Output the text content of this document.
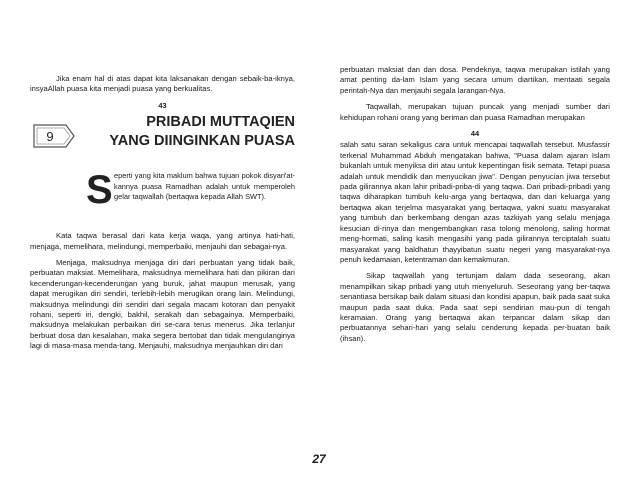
Jika enam hal di atas dapat kita laksanakan dengan sebaik-ba-iknya, insyaAllah puasa kita menjadi puasa yang berkualitas.

43
9
PRIBADI MUTTAQIEN
YANG DIINGINKAN PUASA
S eperti yang kita maklum bahwa tujuan pokok disyari'at-kannya puasa Ramadhan adalah untuk memperoleh gelar taqwallah (bertaqwa kepada Allah SWT).

Kata taqwa berasal dari kata kerja waqa, yang artinya hati-hati, menjaga, memelihara, melindungi, memperbaiki, menjauhi dan sebagai-nya.

Menjaga, maksudnya menjaga diri dari perbuatan yang tidak baik, perbuatan maksiat. Memelihara, maksudnya memelihara hati dan pikiran dari kecenderungan-kecenderungan yang buruk, jahat maupun merusak, yang dapat merugikan diri sendiri, terlebih-lebih merugikan orang lain. Melindungi, maksudnya melindungi diri sendiri dari segala macam kotoran dan penyakit rohani, seperti iri, dengki, bakhil, serakah dan sebagainya. Memperbaiki, maksudnya melakukan perbaikan diri se-cara terus menerus. Jika terlanjur berbuat dosa dan kesalahan, maka segera bertobat dan tidak mengulanginya lagi di masa-masa menda-tang. Menjauhi, maksudnya menjauhkan diri dari

perbuatan maksiat dan dan dosa. Pendeknya, taqwa merupakan istilah yang amat penting da-lam Islam yang secara umum diartikan, mentaati segala perintah-Nya dan menjauhi segala larangan-Nya.

Taqwallah, merupakan tujuan puncak yang menjadi sumber dari kehidupan rohani orang yang beriman dan puasa Ramadhan merupakan

44

salah satu saran sekaligus cara untuk mencapai taqwallah tersebut. Musfassir terkenal Muhammad Abduh mengatakan bahwa, "Puasa dalam ajaran Islam bukanlah untuk menyiksa diri atau untuk kepentingan fisik semata. Tetapi puasa adalah untuk mendidik dan menyucikan jiwa". Dengan penyucian jiwa tersebut pada gilirannya akan lahir pribadi-priba-di yang taqwa. Dari pribadi-pribadi yang taqwa diharapkan tumbuh kelu-arga yang bertaqwa, dan dari keluarga yang bertaqwa akan terjelma masyarakat yang bertaqwa, yakni suatu masyarakat yang tumbuh dan berkembang dengan azas tazkiyah yang selalu menjaga kesucian di-rinya dan mengembangkan rasa tolong menolong, saling hormat meng-hormati, saling kasih mengasihi yang pada gilirannya terciptalah suatu masyarakat yang baldhatun thayyibatun suatu negeri yang masyarakat-nya penuh kedamaian, ketentraman dan kemakmuran.

Sikap taqwallah yang tertunjam dalam dada seseorang, akan menampilkan sikap pribadi yang utuh menyeluruh. Seseorang yang ber-taqwa senantiasa bersikap baik dalam situasi dan kondisi apapun, baik pada saat suka maupun pada saat duka. Pada saat sepi sendirian mau-pun di tengah keramaian. Orang yang bertaqwa akan terpancar dalam sikap dan perbuatannya sehari-hari yang selalu cenderung kepada per-buatan baik (ihsan).

27
